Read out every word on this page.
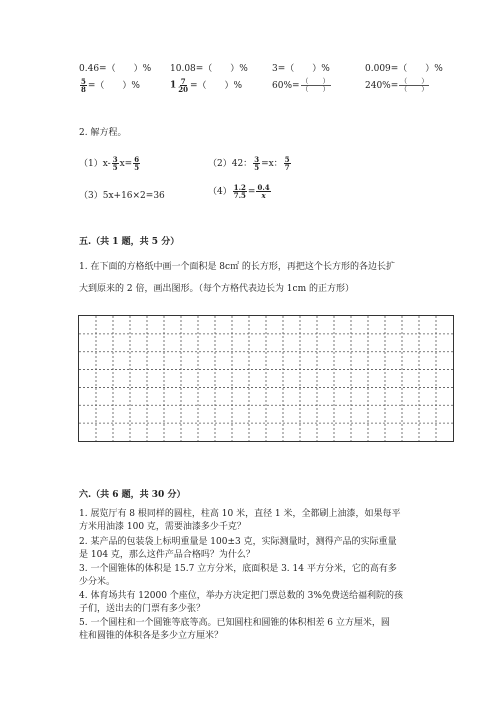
0.46=（　　）% 10.08=（　　）%	3=（　　）%	0.009=（　　）%
$\frac{5}{8}$ =（　　）%	$1 \frac{7}{20}$ =（　　）%	$60\%= \frac{( )}{( )}$	$240\%= \frac{( )}{( )}$
2. 解方程。
$(1)x- \frac{3}{5} x= \frac{6}{5}$	（2）42： $\frac{3}{5} =x$： $\frac{5}{7}$
（3）5x+16×2=36	$(4) \frac{1.2}{7.5} = \frac{0.4}{x}$
五.（共 1 题，共 5 分）
1. 在下面的方格纸中画一个面积是 8c㎡ 的长方形，再把这个长方形的各边长扩
大到原来的 2 倍，画出图形。（每个方格代表边长为 1cm 的正方形）
六.（共 6 题，共 30 分）
1. 展览厅有 8 根同样的圆柱，柱高 10 米，直径 1 米，全都刷上油漆，如果每平
方米用油漆 100 克，需要油漆多少千克？
2. 某产品的包装袋上标明重量是 100±3 克，实际测量时，测得产品的实际重量
是 104 克，那么这件产品合格吗？为什么？
3. 一个圆锥体的体积是 15.7 立方分米，底面积是 3. 14 平方分米，它的高有多
少分米。
4. 体育场共有 12000 个座位，举办方决定把门票总数的 3%免费送给福利院的孩
子们，送出去的门票有多少张？
5. 一个圆柱和一个圆锥等底等高。已知圆柱和圆锥的体积相差 6 立方厘米，圆
柱和圆锥的体积各是多少立方厘米？
